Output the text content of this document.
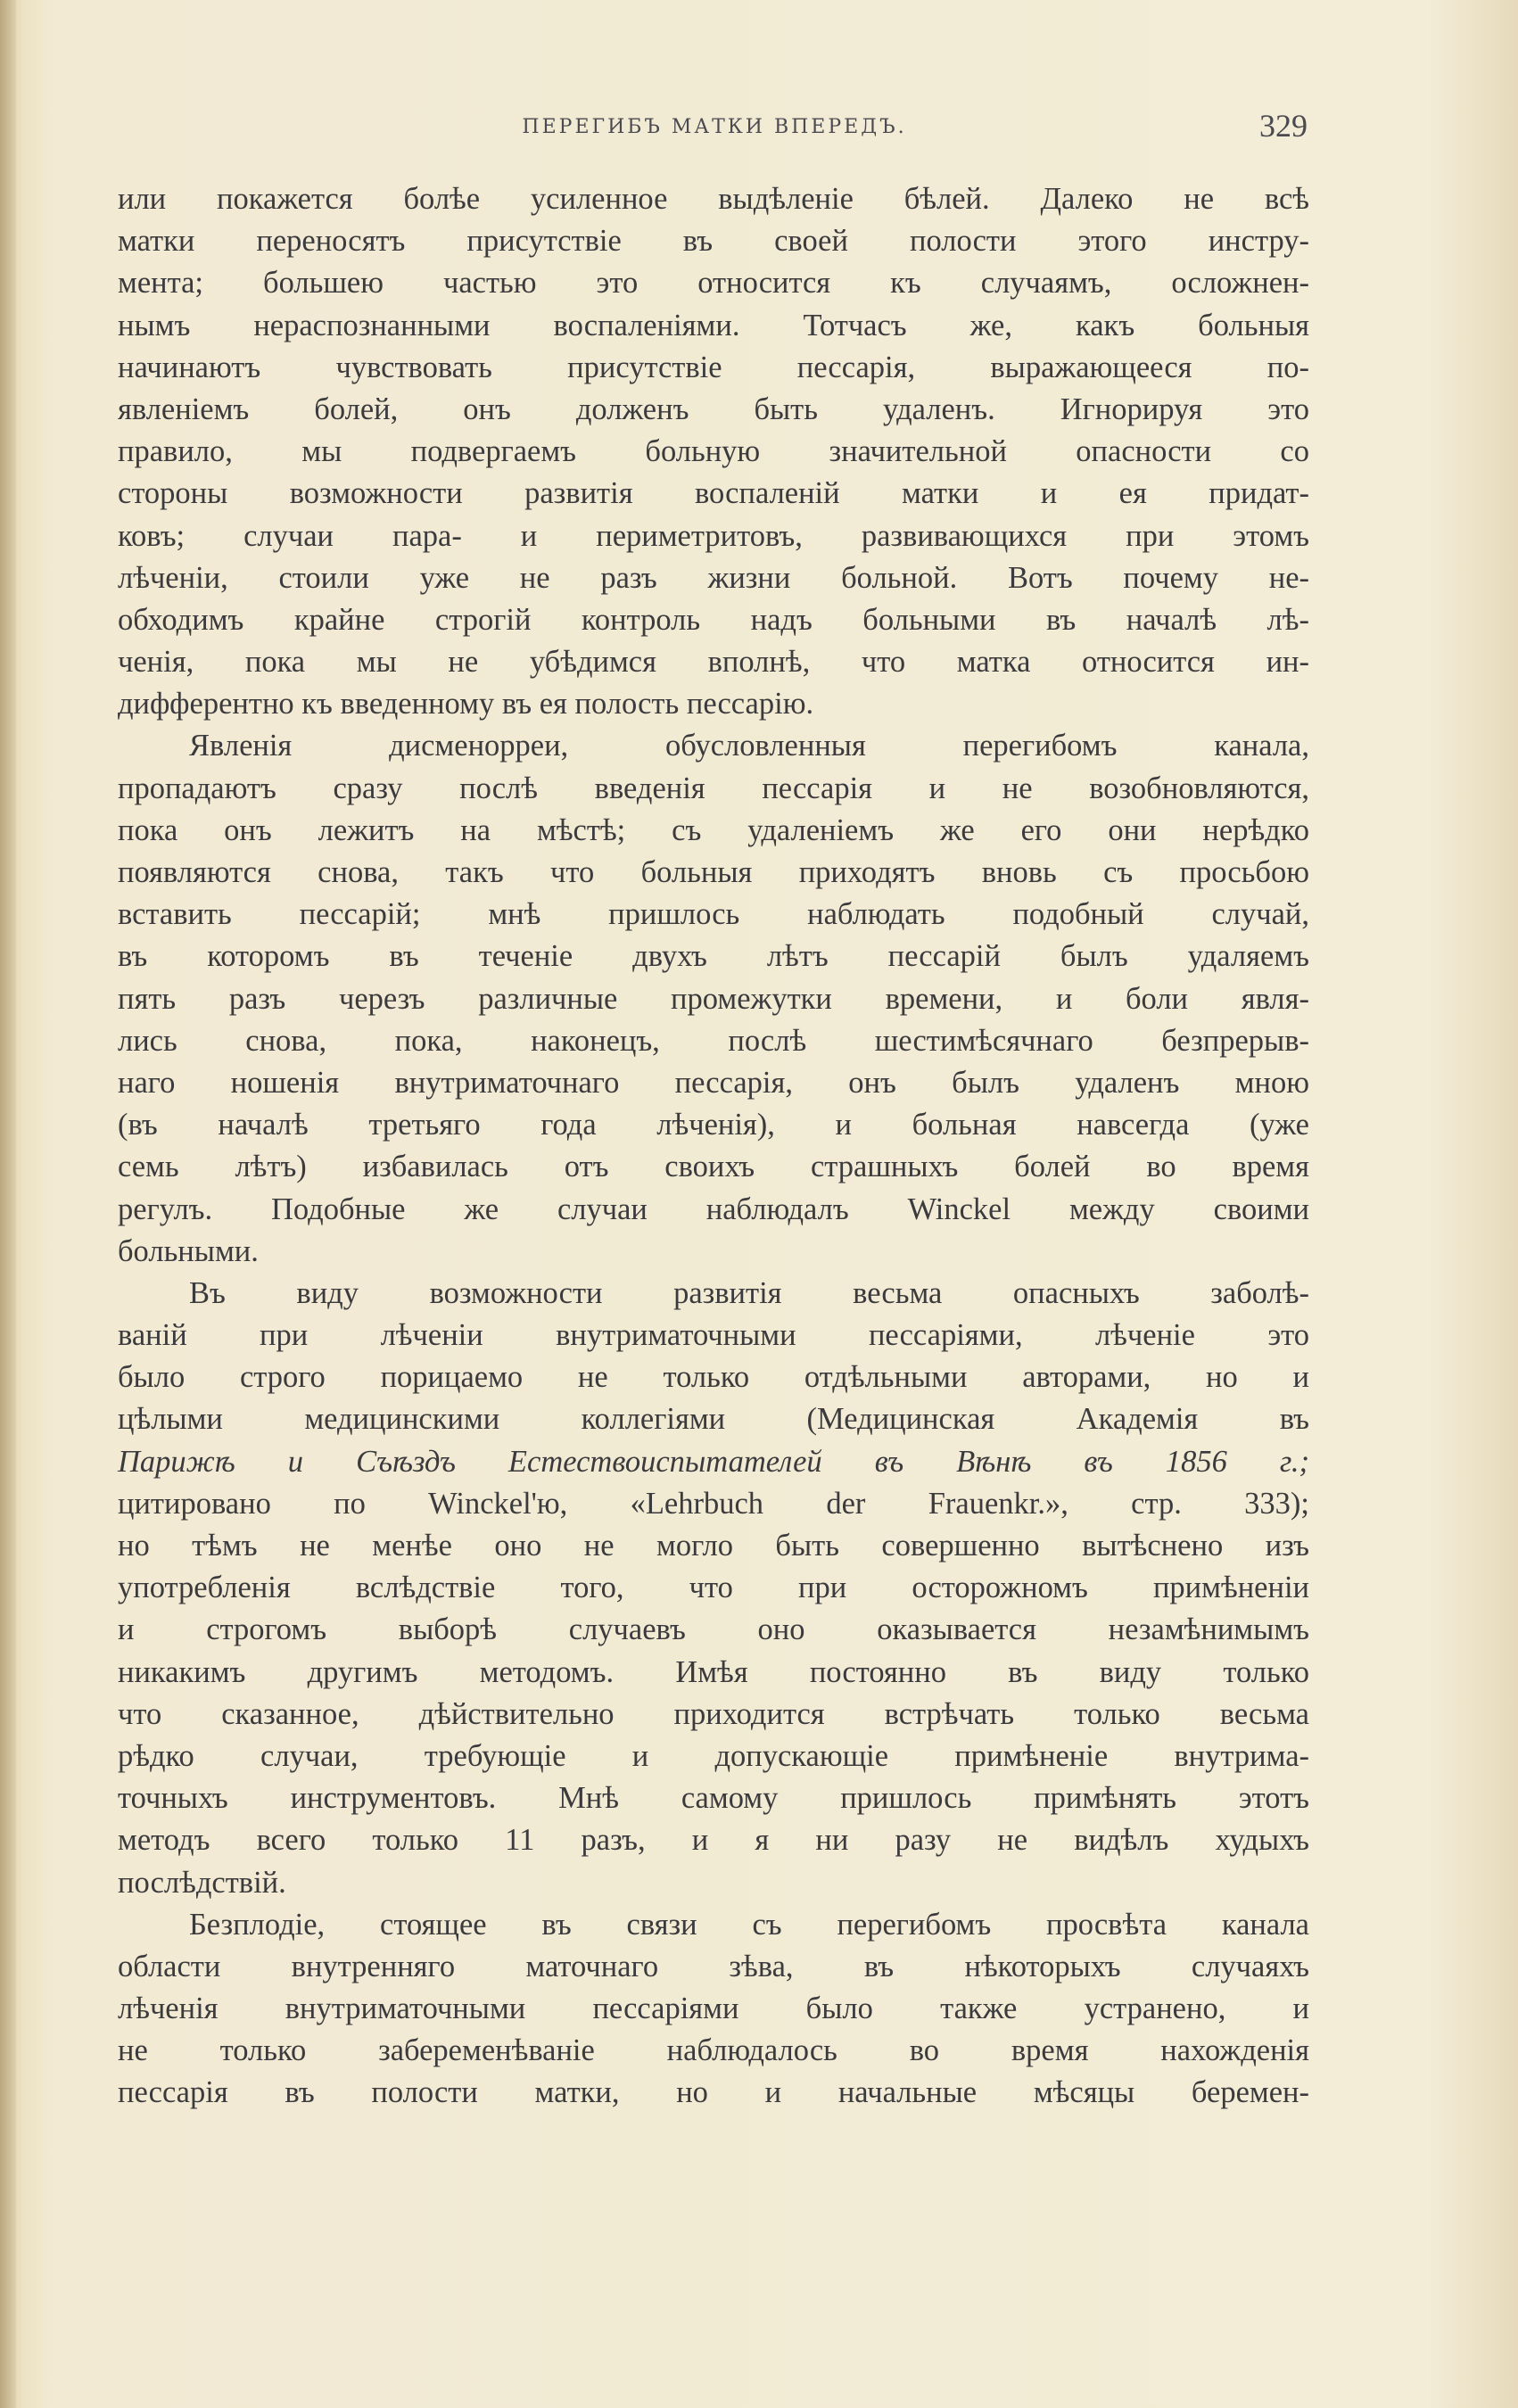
ПЕРЕГИБЪ МАТКИ ВПЕРЕДЪ.	329
или покажется болѣе усиленное выдѣленіе бѣлей. Далеко не всѣ
матки переносятъ присутствіе въ своей полости этого инстру-
мента; большею частью это относится къ случаямъ, осложнен-
нымъ нераспознанными воспаленіями. Тотчасъ же, какъ больныя
начинаютъ чувствовать присутствіе пессарія, выражающееся по-
явленіемъ болей, онъ долженъ быть удаленъ. Игнорируя это
правило, мы подвергаемъ больную значительной опасности со
стороны возможности развитія воспаленій матки и ея придат-
ковъ; случаи пара- и периметритовъ, развивающихся при этомъ
лѣченіи, стоили уже не разъ жизни больной. Вотъ почему не-
обходимъ крайне строгій контроль надъ больными въ началѣ лѣ-
ченія, пока мы не убѣдимся вполнѣ, что матка относится ин-
дифферентно къ введенному въ ея полость пессарію.
Явленія дисменорреи, обусловленныя перегибомъ канала,
пропадаютъ сразу послѣ введенія пессарія и не возобновляются,
пока онъ лежитъ на мѣстѣ; съ удаленіемъ же его они нерѣдко
появляются снова, такъ что больныя приходятъ вновь съ просьбою
вставить пессарій; мнѣ пришлось наблюдать подобный случай,
въ которомъ въ теченіе двухъ лѣтъ пессарій былъ удаляемъ
пять разъ черезъ различные промежутки времени, и боли явля-
лись снова, пока, наконецъ, послѣ шестимѣсячнаго безпрерыв-
наго ношенія внутриматочнаго пессарія, онъ былъ удаленъ мною
(въ началѣ третьяго года лѣченія), и больная навсегда (уже
семь лѣтъ) избавилась отъ своихъ страшныхъ болей во время
регулъ. Подобные же случаи наблюдалъ Winckel между своими
больными.
Въ виду возможности развитія весьма опасныхъ заболѣ-
ваній при лѣченіи внутриматочными пессаріями, лѣченіе это
было строго порицаемо не только отдѣльными авторами, но и
цѣлыми медицинскими коллегіями (Медицинская Академія въ
Парижѣ и Съѣздъ Естествоиспытателей въ Вѣнѣ въ 1856 г.;
цитировано по Winckel'ю, «Lehrbuch der Frauenkr.», стр. 333);
но тѣмъ не менѣе оно не могло быть совершенно вытѣснено изъ
употребленія вслѣдствіе того, что при осторожномъ примѣненіи
и строгомъ выборѣ случаевъ оно оказывается незамѣнимымъ
никакимъ другимъ методомъ. Имѣя постоянно въ виду только
что сказанное, дѣйствительно приходится встрѣчать только весьма
рѣдко случаи, требующіе и допускающіе примѣненіе внутрима-
точныхъ инструментовъ. Мнѣ самому пришлось примѣнять этотъ
методъ всего только 11 разъ, и я ни разу не видѣлъ худыхъ
послѣдствій.
Безплодіе, стоящее въ связи съ перегибомъ просвѣта канала
области внутренняго маточнаго зѣва, въ нѣкоторыхъ случаяхъ
лѣченія внутриматочными пессаріями было также устранено, и
не только забеременѣваніе наблюдалось во время нахожденія
пессарія въ полости матки, но и начальные мѣсяцы беремен-
